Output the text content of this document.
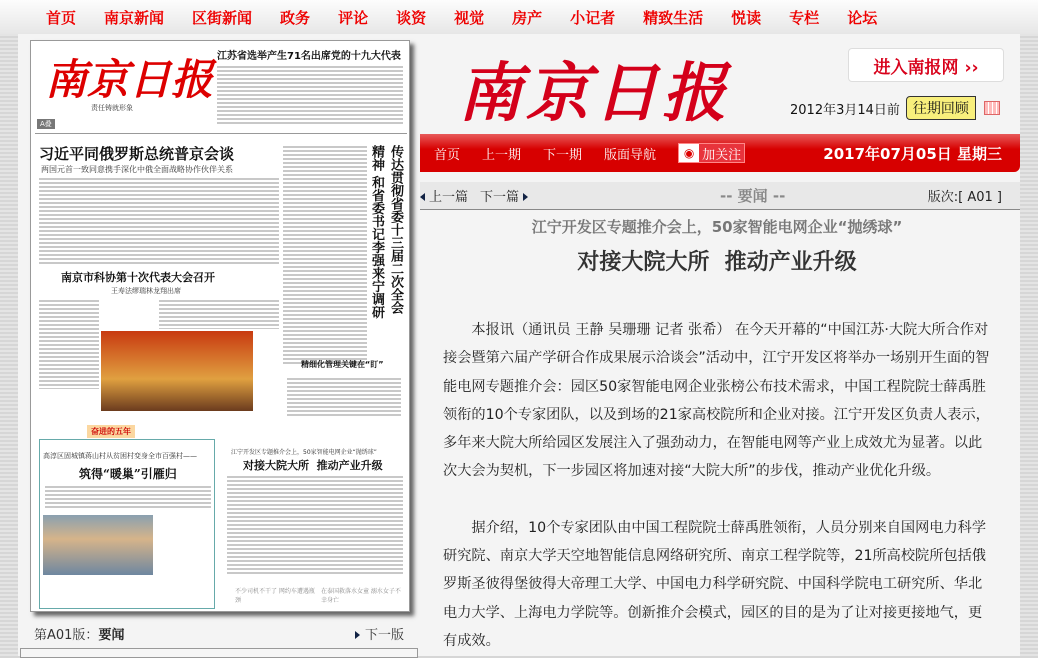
首页 南京新闻 区街新闻 政务 评论 谈资 视觉 房产 小记者 精致生活 悦读 专栏 论坛
南京日报
责任铸就形象
A叠
江苏省选举产生71名出席党的十九大代表
习近平同俄罗斯总统普京会谈
两国元首一致同意携手深化中俄全面战略协作伙伴关系	传达贯彻省委十三届二次全会精神 和省委书记李强来宁调研
南京市科协第十次代表大会召开
王寿法缪瑞林龙翔出席
精细化管理关键在“盯”
奋进的五年
高淳区固城镇蒋山村从贫困村变身全市百强村——
筑得“暖巢”引雁归
江宁开发区专题推介会上，50家智能电网企业“抛绣球”
对接大院大所  推动产业升级
不少司机不干了 网约车遭遇瓶颈
在泰国救落水女童 溺水女子不幸身亡
第A01版：要闻	下一版
南京日报	进入南报网 ››
2012年3月14日前 往期回顾
首页 上一期 下一期 版面导航	◉ 加关注	2017年07月05日 星期三
上一篇 下一篇	-- 要闻 --	版次:[ A01 ]
江宁开发区专题推介会上，50家智能电网企业“抛绣球”
对接大院大所  推动产业升级

本报讯（通讯员 王静 吴珊珊 记者 张希） 在今天开幕的“中国江苏·大院大所合作对接会暨第六届产学研合作成果展示洽谈会”活动中，江宁开发区将举办一场别开生面的智能电网专题推介会：园区50家智能电网企业张榜公布技术需求，中国工程院院士薛禹胜领衔的10个专家团队，以及到场的21家高校院所和企业对接。江宁开发区负责人表示，多年来大院大所给园区发展注入了强劲动力，在智能电网等产业上成效尤为显著。以此次大会为契机，下一步园区将加速对接“大院大所”的步伐，推动产业优化升级。

据介绍，10个专家团队由中国工程院院士薛禹胜领衔，人员分别来自国网电力科学研究院、南京大学天空地智能信息网络研究所、南京工程学院等，21所高校院所包括俄罗斯圣彼得堡彼得大帝理工大学、中国电力科学研究院、中国科学院电工研究所、华北电力大学、上海电力学院等。创新推介会模式，园区的目的是为了让对接更接地气，更有成效。
